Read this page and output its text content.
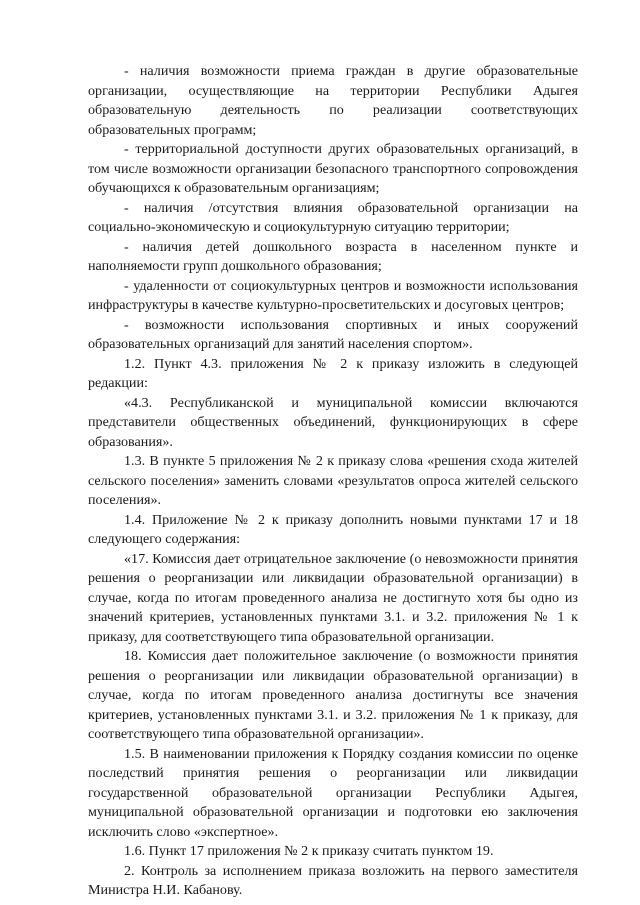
- наличия возможности приема граждан в другие образовательные организации, осуществляющие на территории Республики Адыгея образовательную деятельность по реализации соответствующих образовательных программ;

- территориальной доступности других образовательных организаций, в том числе возможности организации безопасного транспортного сопровождения обучающихся к образовательным организациям;

- наличия /отсутствия влияния образовательной организации на социально-экономическую и социокультурную ситуацию территории;

- наличия детей дошкольного возраста в населенном пункте и наполняемости групп дошкольного образования;

- удаленности от социокультурных центров и возможности использования инфраструктуры в качестве культурно-просветительских и досуговых центров;

- возможности использования спортивных и иных сооружений образовательных организаций для занятий населения спортом».

1.2. Пункт 4.3. приложения № 2 к приказу изложить в следующей редакции:

«4.3. Республиканской и муниципальной комиссии включаются представители общественных объединений, функционирующих в сфере образования».

1.3. В пункте 5 приложения № 2 к приказу слова «решения схода жителей сельского поселения» заменить словами «результатов опроса жителей сельского поселения».

1.4. Приложение № 2 к приказу дополнить новыми пунктами 17 и 18 следующего содержания:

«17. Комиссия дает отрицательное заключение (о невозможности принятия решения о реорганизации или ликвидации образовательной организации) в случае, когда по итогам проведенного анализа не достигнуто хотя бы одно из значений критериев, установленных пунктами 3.1. и 3.2. приложения № 1 к приказу, для соответствующего типа образовательной организации.

18. Комиссия дает положительное заключение (о возможности принятия решения о реорганизации или ликвидации образовательной организации) в случае, когда по итогам проведенного анализа достигнуты все значения критериев, установленных пунктами 3.1. и 3.2. приложения № 1 к приказу, для соответствующего типа образовательной организации».

1.5. В наименовании приложения к Порядку создания комиссии по оценке последствий принятия решения о реорганизации или ликвидации государственной образовательной организации Республики Адыгея, муниципальной образовательной организации и подготовки ею заключения исключить слово «экспертное».

1.6. Пункт 17 приложения № 2 к приказу считать пунктом 19.

2. Контроль за исполнением приказа возложить на первого заместителя Министра Н.И. Кабанову.
